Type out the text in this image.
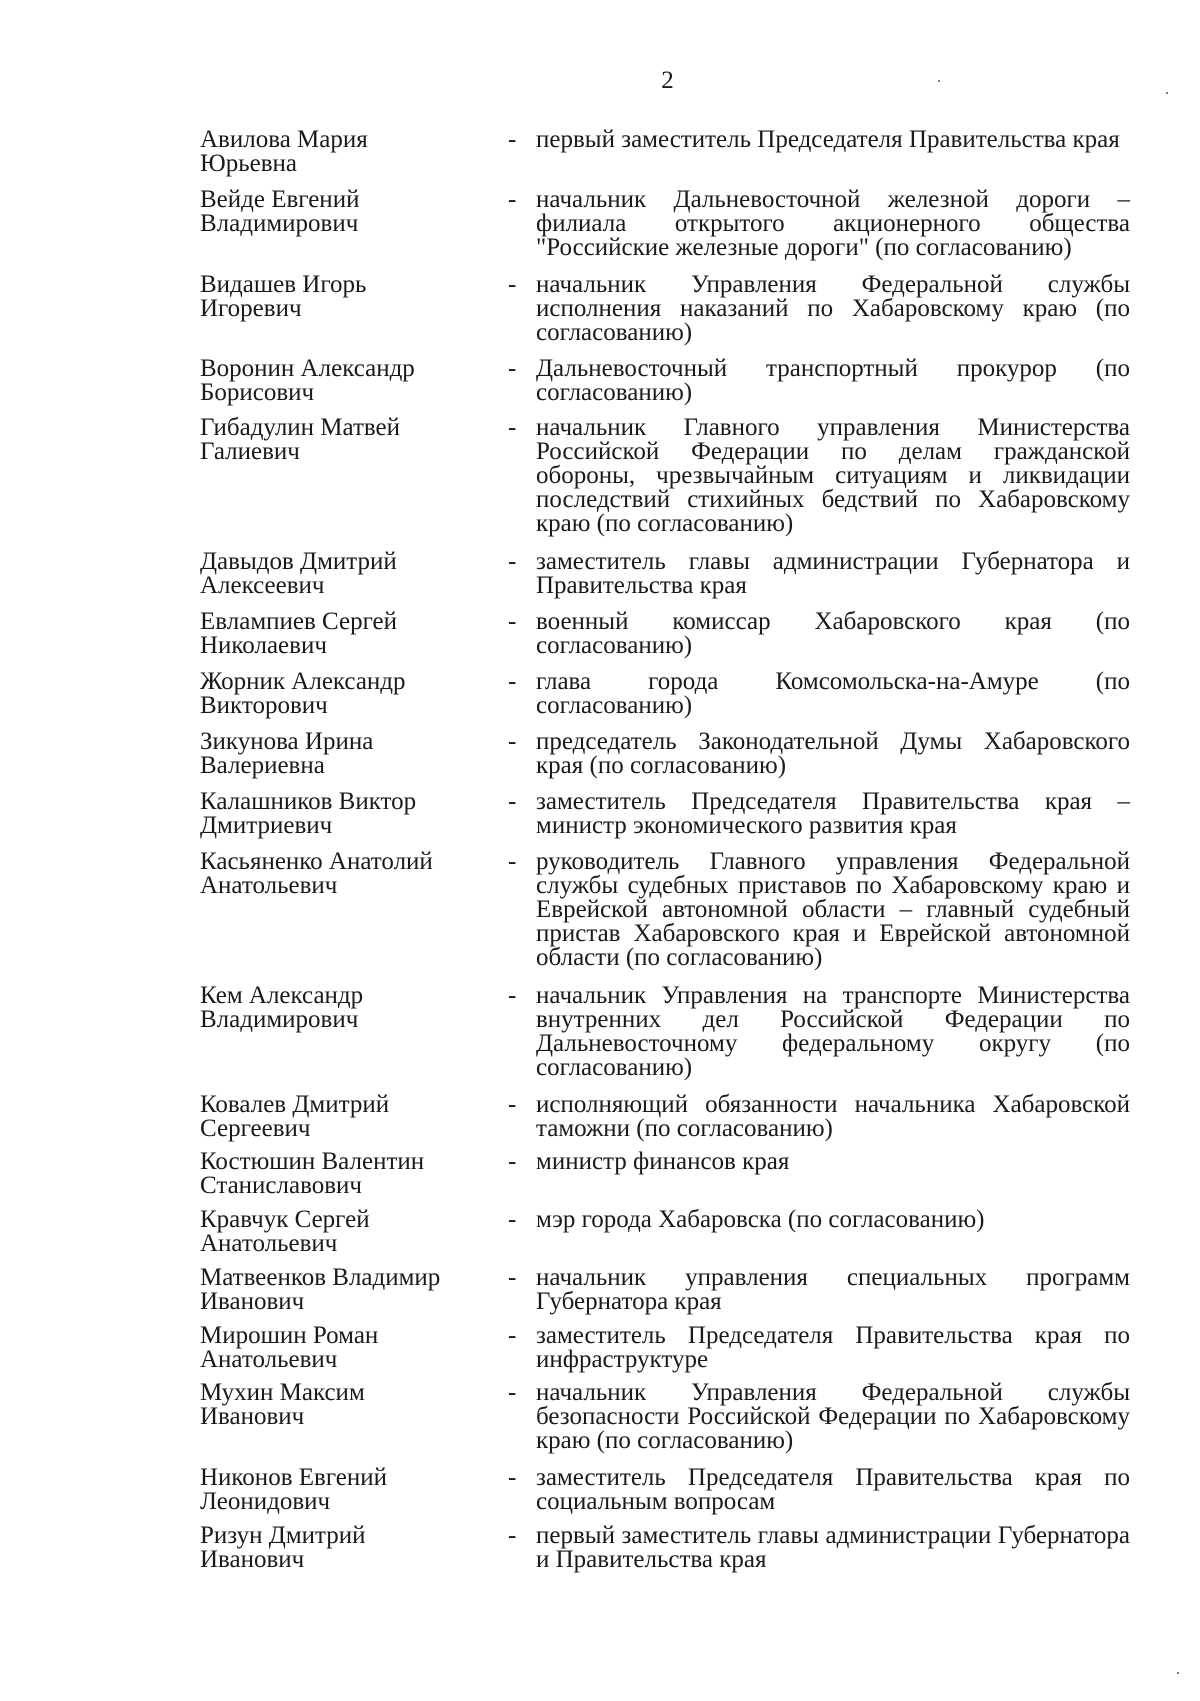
2
Авилова Мария
Юрьевна
- первый заместитель Председателя Правительства края
Вейде Евгений
Владимирович
- начальник Дальневосточной железной дороги – филиала открытого акционерного общества "Российские железные дороги" (по согласованию)
Видашев Игорь
Игоревич
- начальник Управления Федеральной службы исполнения наказаний по Хабаровскому краю (по согласованию)
Воронин Александр
Борисович
- Дальневосточный транспортный прокурор (по согласованию)
Гибадулин Матвей
Галиевич
- начальник Главного управления Министерства Российской Федерации по делам гражданской обороны, чрезвычайным ситуациям и ликвидации последствий стихийных бедствий по Хабаровскому краю (по согласованию)
Давыдов Дмитрий
Алексеевич
- заместитель главы администрации Губернатора и Правительства края
Евлампиев Сергей
Николаевич
- военный комиссар Хабаровского края (по согласованию)
Жорник Александр
Викторович
- глава города Комсомольска-на-Амуре (по согласованию)
Зикунова Ирина
Валериевна
- председатель Законодательной Думы Хабаровского края (по согласованию)
Калашников Виктор
Дмитриевич
- заместитель Председателя Правительства края – министр экономического развития края
Касьяненко Анатолий
Анатольевич
- руководитель Главного управления Федеральной службы судебных приставов по Хабаровскому краю и Еврейской автономной области – главный судебный пристав Хабаровского края и Еврейской автономной области (по согласованию)
Кем Александр
Владимирович
- начальник Управления на транспорте Министерства внутренних дел Российской Федерации по Дальневосточному федеральному округу (по согласованию)
Ковалев Дмитрий
Сергеевич
- исполняющий обязанности начальника Хабаровской таможни (по согласованию)
Костюшин Валентин
Станиславович
- министр финансов края
Кравчук Сергей
Анатольевич
- мэр города Хабаровска (по согласованию)
Матвеенков Владимир
Иванович
- начальник управления специальных программ Губернатора края
Мирошин Роман
Анатольевич
- заместитель Председателя Правительства края по инфраструктуре
Мухин Максим
Иванович
- начальник Управления Федеральной службы безопасности Российской Федерации по Хабаровскому краю (по согласованию)
Никонов Евгений
Леонидович
- заместитель Председателя Правительства края по социальным вопросам
Ризун Дмитрий
Иванович
- первый заместитель главы администрации Губернатора и Правительства края
